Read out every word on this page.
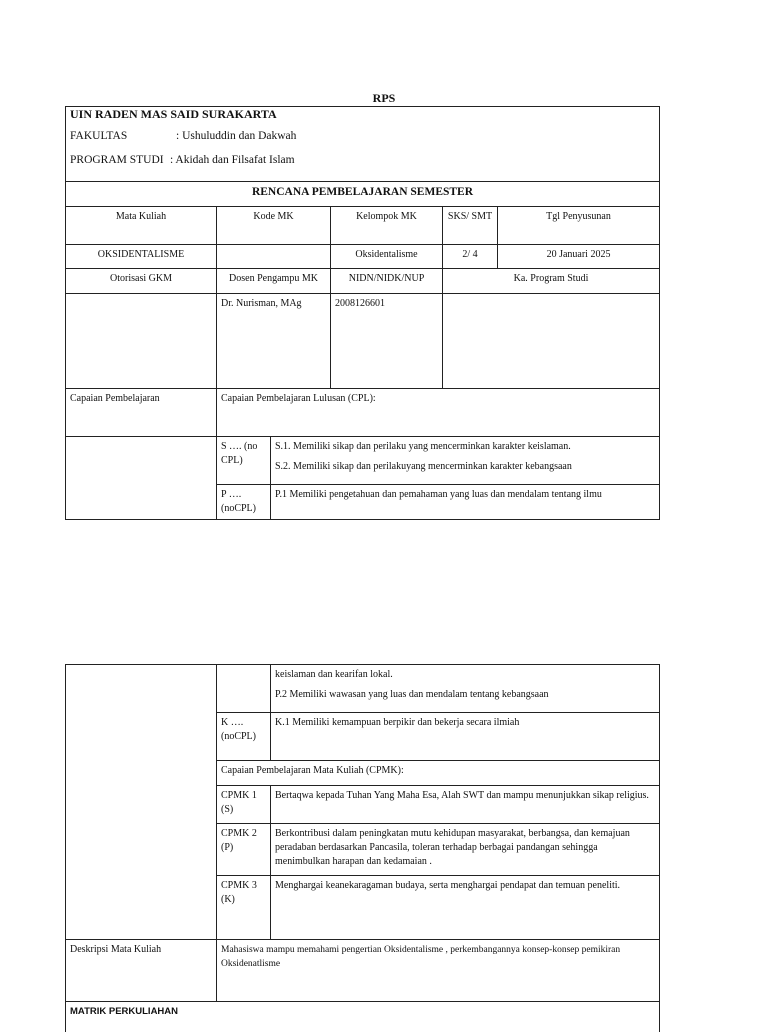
RPS
UIN RADEN MAS SAID SURAKARTA
FAKULTAS : Ushuluddin dan Dakwah
PROGRAM STUDI : Akidah dan Filsafat Islam					

RENCANA PEMBELAJARAN SEMESTER					
Mata Kuliah	Kode MK		Kelompok MK	SKS/ SMT	Tgl Penyusunan
OKSIDENTALISME			Oksidentalisme	2/ 4	20 Januari 2025
Otorisasi GKM	Dosen Pengampu MK		NIDN/NIDK/NUP	Ka. Program Studi	
	Dr. Nurisman, MAg		2008126601		
Capaian Pembelajaran	Capaian Pembelajaran Lulusan (CPL):				
	S …. (no CPL)	S.1. Memiliki sikap dan perilaku yang mencerminkan karakter keislaman.
S.2. Memiliki sikap dan perilakuyang mencerminkan karakter kebangsaan			

	P …. (noCPL)	P.1 Memiliki pengetahuan dan pemahaman yang luas dan mendalam tentang ilmu			

		keislaman dan kearifan lokal.
P.2 Memiliki wawasan yang luas dan mendalam tentang kebangsaan

	K …. (noCPL)	K.1 Memiliki kemampuan berpikir dan bekerja secara ilmiah
	Capaian Pembelajaran Mata Kuliah (CPMK):	
	CPMK 1 (S)	Bertaqwa kepada Tuhan Yang Maha Esa, Alah SWT dan mampu menunjukkan sikap religius.
	CPMK 2 (P)	Berkontribusi dalam peningkatan mutu kehidupan masyarakat, berbangsa, dan kemajuan peradaban berdasarkan Pancasila, toleran terhadap berbagai pandangan sehingga menimbulkan harapan dan kedamaian .
	CPMK 3 (K)	Menghargai keanekaragaman budaya, serta menghargai pendapat dan temuan peneliti.
Deskripsi Mata Kuliah	Mahasiswa mampu memahami pengertian Oksidentalisme , perkembangannya konsep-konsep pemikiran Oksidenatlisme	
MATRIK PERKULIAHAN		
